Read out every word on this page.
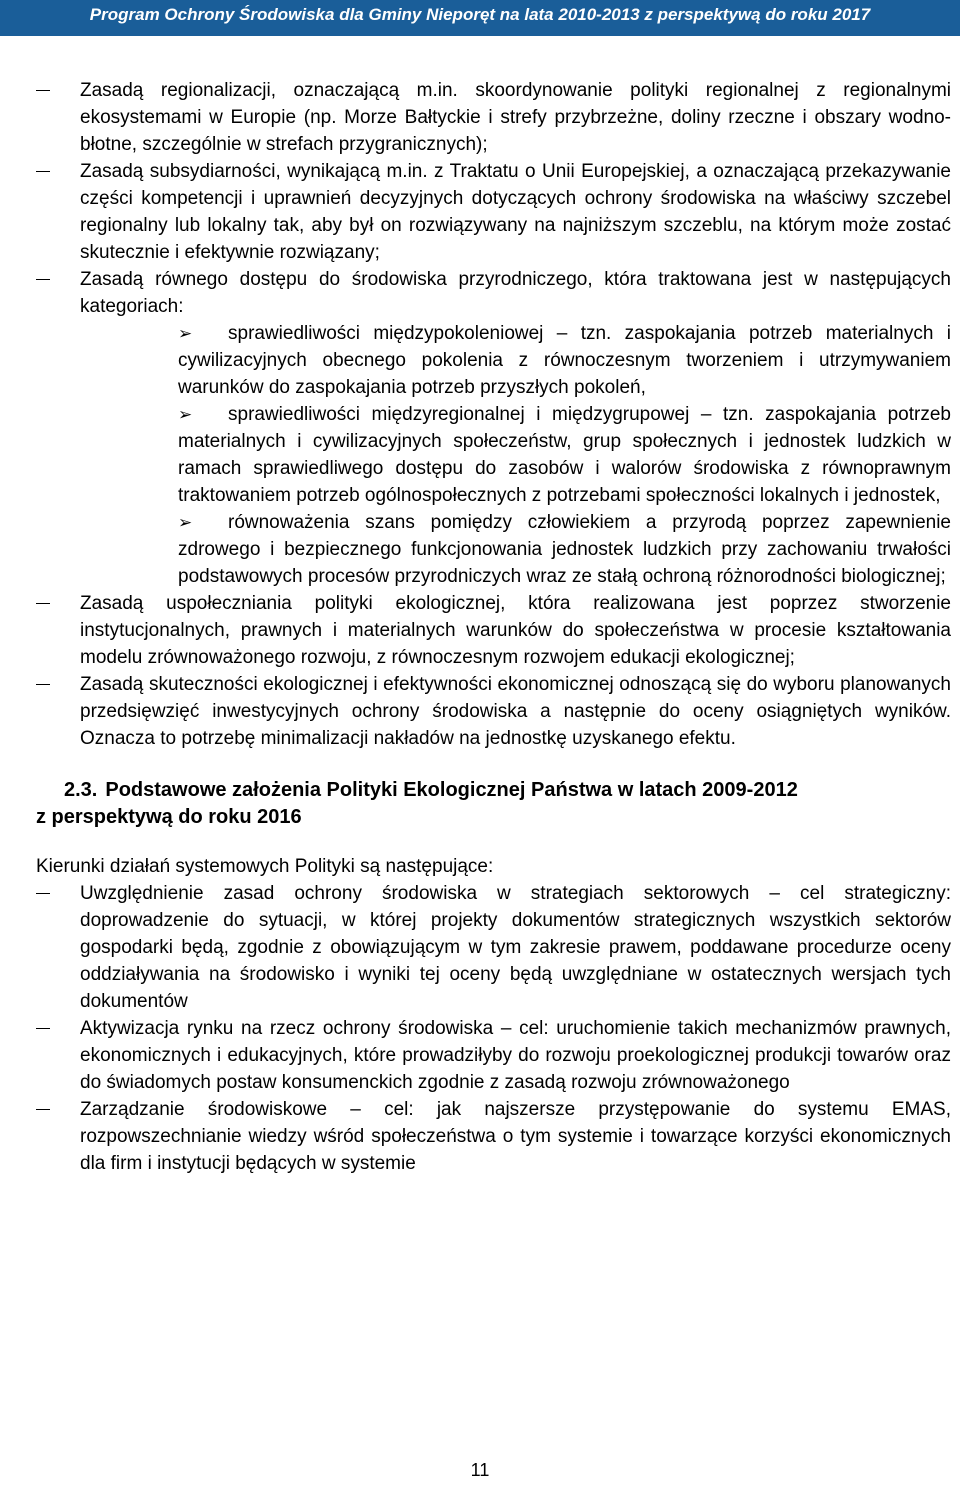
Program Ochrony Środowiska dla Gminy Nieporęt na lata 2010-2013 z perspektywą do roku 2017
Zasadą regionalizacji, oznaczającą m.in. skoordynowanie polityki regionalnej z regionalnymi ekosystemami w Europie (np. Morze Bałtyckie i strefy przybrzeżne, doliny rzeczne i obszary wodno-błotne, szczególnie w strefach przygranicznych);
Zasadą subsydiarności, wynikającą m.in. z Traktatu o Unii Europejskiej, a oznaczającą przekazywanie części kompetencji i uprawnień decyzyjnych dotyczących ochrony środowiska na właściwy szczebel regionalny lub lokalny tak, aby był on rozwiązywany na najniższym szczeblu, na którym może zostać skutecznie i efektywnie rozwiązany;
Zasadą równego dostępu do środowiska przyrodniczego, która traktowana jest w następujących kategoriach:
➢	sprawiedliwości międzypokoleniowej – tzn. zaspokajania potrzeb materialnych i cywilizacyjnych obecnego pokolenia z równoczesnym tworzeniem i utrzymywaniem warunków do zaspokajania potrzeb przyszłych pokoleń,
➢	sprawiedliwości międzyregionalnej i międzygrupowej – tzn. zaspokajania potrzeb materialnych i cywilizacyjnych społeczeństw, grup społecznych i jednostek ludzkich w ramach sprawiedliwego dostępu do zasobów i walorów środowiska z równoprawnym traktowaniem potrzeb ogólnospołecznych z potrzebami społeczności lokalnych i jednostek,
➢	równoważenia szans pomiędzy człowiekiem a przyrodą poprzez zapewnienie zdrowego i bezpiecznego funkcjonowania jednostek ludzkich przy zachowaniu trwałości podstawowych procesów przyrodniczych wraz ze stałą ochroną różnorodności biologicznej;
Zasadą uspołeczniania polityki ekologicznej, która realizowana jest poprzez stworzenie instytucjonalnych, prawnych i materialnych warunków do społeczeństwa w procesie kształtowania modelu zrównoważonego rozwoju, z równoczesnym rozwojem edukacji ekologicznej;
Zasadą skuteczności ekologicznej i efektywności ekonomicznej odnoszącą się do wyboru planowanych przedsięwzięć inwestycyjnych ochrony środowiska a następnie do oceny osiągniętych wyników. Oznacza to potrzebę minimalizacji nakładów na jednostkę uzyskanego efektu.
2.3. Podstawowe założenia Polityki Ekologicznej Państwa w latach 2009-2012
z perspektywą do roku 2016
Kierunki działań systemowych Polityki są następujące:
Uwzględnienie zasad ochrony środowiska w strategiach sektorowych – cel strategiczny: doprowadzenie do sytuacji, w której projekty dokumentów strategicznych wszystkich sektorów gospodarki będą, zgodnie z obowiązującym w tym zakresie prawem, poddawane procedurze oceny oddziaływania na środowisko i wyniki tej oceny będą uwzględniane w ostatecznych wersjach tych dokumentów
Aktywizacja rynku na rzecz ochrony środowiska – cel: uruchomienie takich mechanizmów prawnych, ekonomicznych i edukacyjnych, które prowadziłyby do rozwoju proekologicznej produkcji towarów oraz do świadomych postaw konsumenckich zgodnie z zasadą rozwoju zrównoważonego
Zarządzanie środowiskowe – cel: jak najszersze przystępowanie do systemu EMAS, rozpowszechnianie wiedzy wśród społeczeństwa o tym systemie i towarzące korzyści ekonomicznych dla firm i instytucji będących w systemie
11
